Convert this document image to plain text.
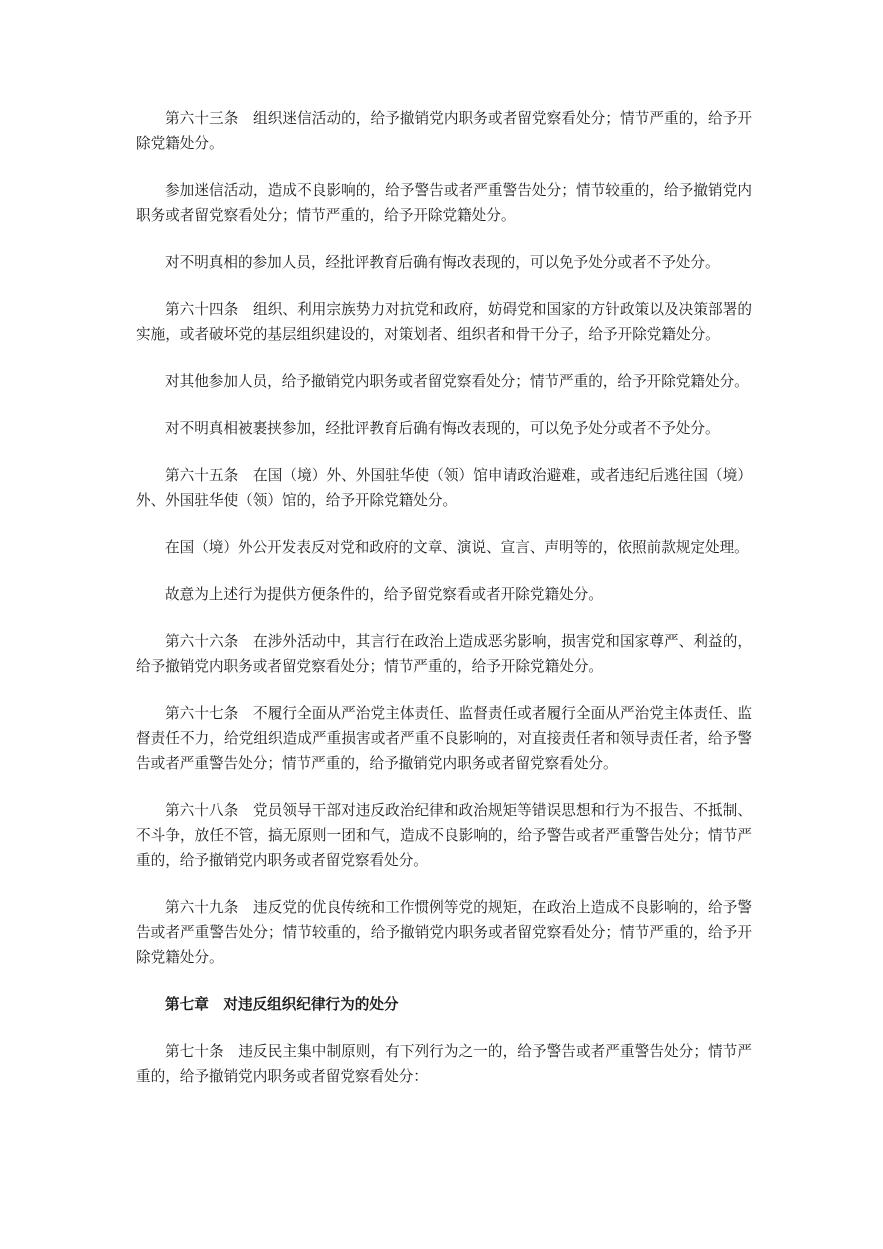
第六十三条　组织迷信活动的，给予撤销党内职务或者留党察看处分；情节严重的，给予开除党籍处分。

参加迷信活动，造成不良影响的，给予警告或者严重警告处分；情节较重的，给予撤销党内职务或者留党察看处分；情节严重的，给予开除党籍处分。

对不明真相的参加人员，经批评教育后确有悔改表现的，可以免予处分或者不予处分。

第六十四条　组织、利用宗族势力对抗党和政府，妨碍党和国家的方针政策以及决策部署的实施，或者破坏党的基层组织建设的，对策划者、组织者和骨干分子，给予开除党籍处分。

对其他参加人员，给予撤销党内职务或者留党察看处分；情节严重的，给予开除党籍处分。

对不明真相被裹挟参加，经批评教育后确有悔改表现的，可以免予处分或者不予处分。

第六十五条　在国（境）外、外国驻华使（领）馆申请政治避难，或者违纪后逃往国（境）外、外国驻华使（领）馆的，给予开除党籍处分。

在国（境）外公开发表反对党和政府的文章、演说、宣言、声明等的，依照前款规定处理。

故意为上述行为提供方便条件的，给予留党察看或者开除党籍处分。

第六十六条　在涉外活动中，其言行在政治上造成恶劣影响，损害党和国家尊严、利益的，给予撤销党内职务或者留党察看处分；情节严重的，给予开除党籍处分。

第六十七条　不履行全面从严治党主体责任、监督责任或者履行全面从严治党主体责任、监督责任不力，给党组织造成严重损害或者严重不良影响的，对直接责任者和领导责任者，给予警告或者严重警告处分；情节严重的，给予撤销党内职务或者留党察看处分。

第六十八条　党员领导干部对违反政治纪律和政治规矩等错误思想和行为不报告、不抵制、不斗争，放任不管，搞无原则一团和气，造成不良影响的，给予警告或者严重警告处分；情节严重的，给予撤销党内职务或者留党察看处分。

第六十九条　违反党的优良传统和工作惯例等党的规矩，在政治上造成不良影响的，给予警告或者严重警告处分；情节较重的，给予撤销党内职务或者留党察看处分；情节严重的，给予开除党籍处分。

第七章　对违反组织纪律行为的处分

第七十条　违反民主集中制原则，有下列行为之一的，给予警告或者严重警告处分；情节严重的，给予撤销党内职务或者留党察看处分：
